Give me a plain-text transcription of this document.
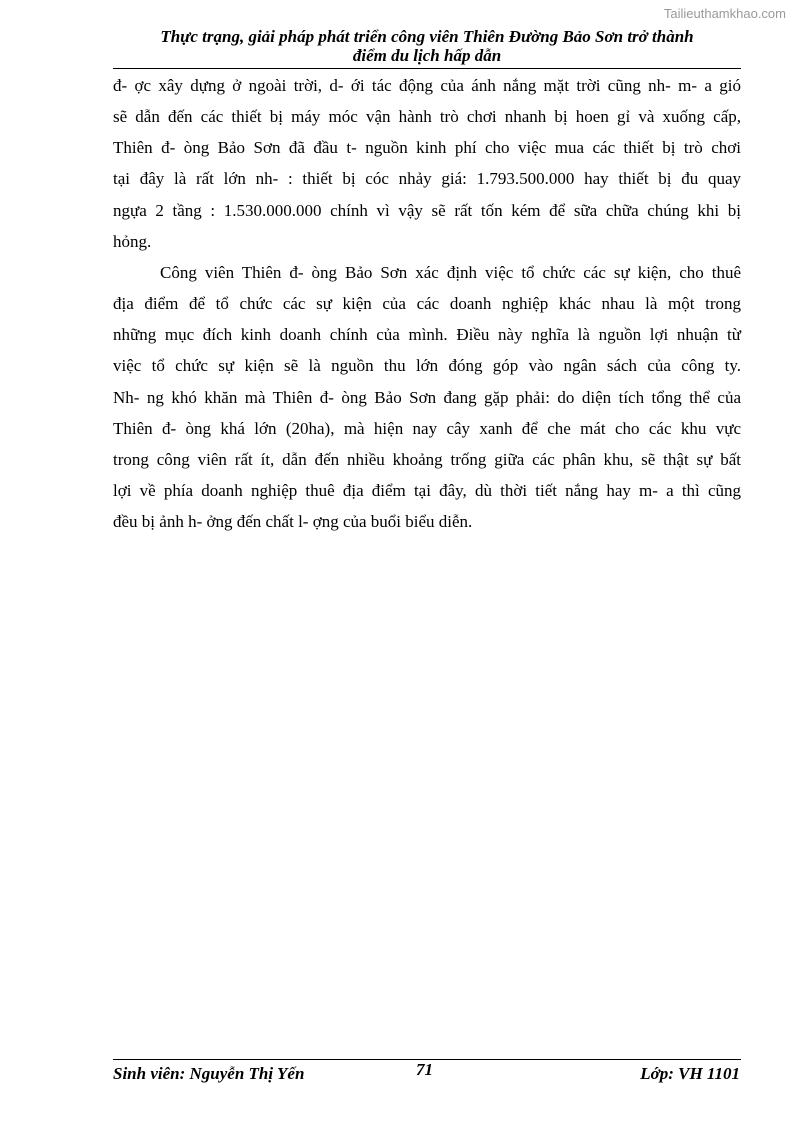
Tailieuthamkhao.com
Thực trạng, giải pháp phát triển công viên Thiên Đường Bảo Sơn trở thành
điểm du lịch hấp dẫn
đ- ợc xây dựng ở ngoài trời, d- ới tác động của ánh nắng mặt trời cũng nh- m- a gió
sẽ dẫn đến các thiết bị máy móc vận hành trò chơi nhanh bị hoen gỉ và xuống cấp,
Thiên đ- òng Bảo Sơn đã đầu t- nguồn kinh phí cho việc mua các thiết bị trò chơi
tại đây là rất lớn nh- : thiết bị cóc nhảy giá: 1.793.500.000 hay thiết bị đu quay
ngựa 2 tầng : 1.530.000.000 chính vì vậy sẽ rất tốn kém để sữa chữa chúng khi bị
hỏng.
Công viên Thiên đ- òng Bảo Sơn xác định việc tổ chức các sự kiện, cho thuê
địa điểm để tổ chức các sự kiện của các doanh nghiệp khác nhau là một trong
những mục đích kinh doanh chính của mình. Điều này nghĩa là nguồn lợi nhuận từ
việc tổ chức sự kiện sẽ là nguồn thu lớn đóng góp vào ngân sách của công ty.
Nh- ng khó khăn mà Thiên đ- òng Bảo Sơn đang gặp phải: do diện tích tổng thể của
Thiên đ- òng khá lớn (20ha), mà hiện nay cây xanh để che mát cho các khu vực
trong công viên rất ít, dẫn đến nhiều khoảng trống giữa các phân khu, sẽ thật sự bất
lợi về phía doanh nghiệp thuê địa điểm tại đây, dù thời tiết nắng hay m- a thì cũng
đều bị ảnh h- ởng đến chất l- ợng của buổi biểu diễn.
Sinh viên: Nguyễn Thị Yến	71	Lớp: VH 1101
